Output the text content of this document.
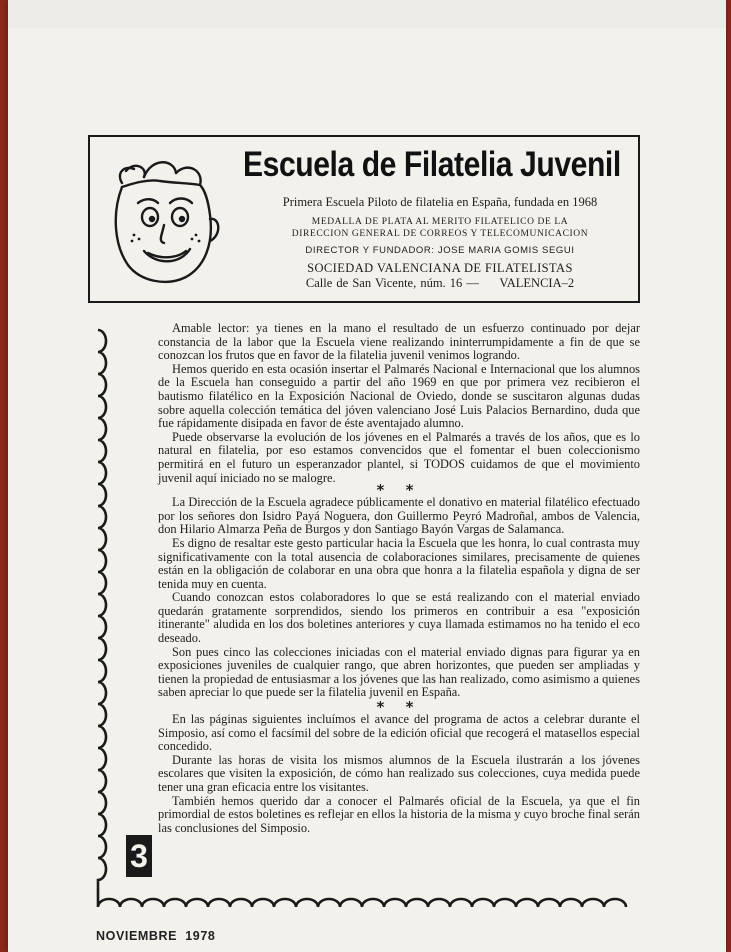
Escuela de Filatelia Juvenil
Primera Escuela Piloto de filatelia en España, fundada en 1968
MEDALLA DE PLATA AL MERITO FILATELICO DE LA
DIRECCION GENERAL DE CORREOS Y TELECOMUNICACION
DIRECTOR Y FUNDADOR: JOSE MARIA GOMIS SEGUI
SOCIEDAD VALENCIANA DE FILATELISTAS
Calle de San Vicente, núm. 16 —     VALENCIA–2

Amable lector: ya tienes en la mano el resultado de un esfuerzo continuado por dejar constancia de la labor que la Escuela viene realizando ininterrumpidamente a fin de que se conozcan los frutos que en favor de la filatelia juvenil venimos logrando.

Hemos querido en esta ocasión insertar el Palmarés Nacional e Internacional que los alumnos de la Escuela han conseguido a partir del año 1969 en que por primera vez recibieron el bautismo filatélico en la Exposición Nacional de Oviedo, donde se suscitaron algunas dudas sobre aquella colección temática del jóven valenciano José Luis Palacios Bernardino, duda que fue rápidamente disipada en favor de éste aventajado alumno.

Puede observarse la evolución de los jóvenes en el Palmarés a través de los años, que es lo natural en filatelia, por eso estamos convencidos que el fomentar el buen coleccionismo permitirá en el futuro un esperanzador plantel, si TODOS cuidamos de que el movimiento juvenil aquí iniciado no se malogre.

* *

La Dirección de la Escuela agradece públicamente el donativo en material filatélico efectuado por los señores don Isidro Payá Noguera, don Guillermo Peyró Madroñal, ambos de Valencia, don Hilario Almarza Peña de Burgos y don Santiago Bayón Vargas de Salamanca.

Es digno de resaltar este gesto particular hacia la Escuela que les honra, lo cual contrasta muy significativamente con la total ausencia de colaboraciones similares, precisamente de quienes están en la obligación de colaborar en una obra que honra a la filatelia española y digna de ser tenida muy en cuenta.

Cuando conozcan estos colaboradores lo que se está realizando con el material enviado quedarán gratamente sorprendidos, siendo los primeros en contribuir a esa "exposición itinerante" aludida en los dos boletines anteriores y cuya llamada estimamos no ha tenido el eco deseado.

Son pues cinco las colecciones iniciadas con el material enviado dignas para figurar ya en exposiciones juveniles de cualquier rango, que abren horizontes, que pueden ser ampliadas y tienen la propiedad de entusiasmar a los jóvenes que las han realizado, como asimismo a quienes saben apreciar lo que puede ser la filatelia juvenil en España.

* *

En las páginas siguientes incluímos el avance del programa de actos a celebrar durante el Simposio, así como el facsímil del sobre de la edición oficial que recogerá el matasellos especial concedido.

Durante las horas de visita los mismos alumnos de la Escuela ilustrarán a los jóvenes escolares que visiten la exposición, de cómo han realizado sus colecciones, cuya medida puede tener una gran eficacia entre los visitantes.

También hemos querido dar a conocer el Palmarés oficial de la Escuela, ya que el fin primordial de estos boletines es reflejar en ellos la historia de la misma y cuyo broche final serán las conclusiones del Simposio.

3
NOVIEMBRE  1978
